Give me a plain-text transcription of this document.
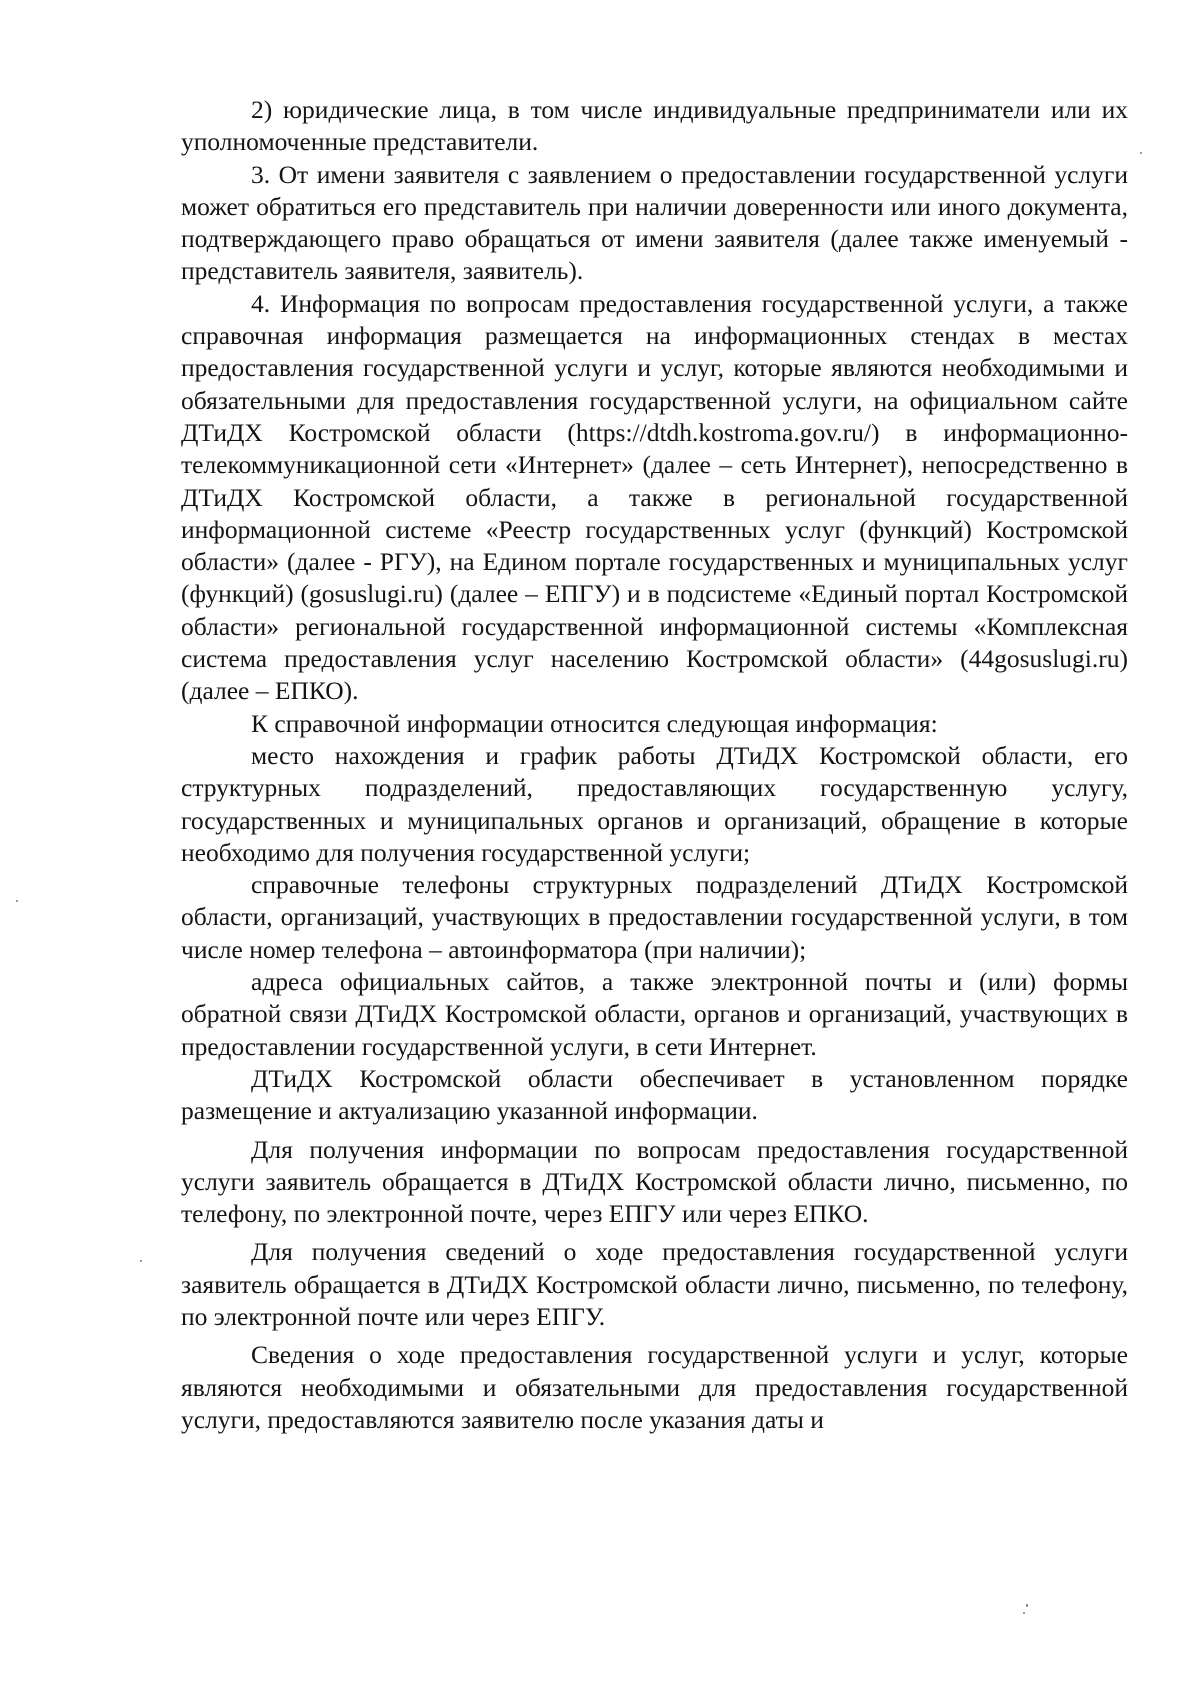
2) юридические лица, в том числе индивидуальные предприниматели или их уполномоченные представители.

3. От имени заявителя с заявлением о предоставлении государственной услуги может обратиться его представитель при наличии доверенности или иного документа, подтверждающего право обращаться от имени заявителя (далее также именуемый - представитель заявителя, заявитель).

4. Информация по вопросам предоставления государственной услуги, а также справочная информация размещается на информационных стендах в местах предоставления государственной услуги и услуг, которые являются необходимыми и обязательными для предоставления государственной услуги, на официальном сайте ДТиДХ Костромской области (https://dtdh.kostroma.gov.ru/) в информационно-телекоммуникационной сети «Интернет» (далее – сеть Интернет), непосредственно в ДТиДХ Костромской области, а также в региональной государственной информационной системе «Реестр государственных услуг (функций) Костромской области» (далее - РГУ), на Едином портале государственных и муниципальных услуг (функций) (gosuslugi.ru) (далее – ЕПГУ) и в подсистеме «Единый портал Костромской области» региональной государственной информационной системы «Комплексная система предоставления услуг населению Костромской области» (44gosuslugi.ru) (далее – ЕПКО).

К справочной информации относится следующая информация:

место нахождения и график работы ДТиДХ Костромской области, его структурных подразделений, предоставляющих государственную услугу, государственных и муниципальных органов и организаций, обращение в которые необходимо для получения государственной услуги;

справочные телефоны структурных подразделений ДТиДХ Костромской области, организаций, участвующих в предоставлении государственной услуги, в том числе номер телефона – автоинформатора (при наличии);

адреса официальных сайтов, а также электронной почты и (или) формы обратной связи ДТиДХ Костромской области, органов и организаций, участвующих в предоставлении государственной услуги, в сети Интернет.

ДТиДХ Костромской области обеспечивает в установленном порядке размещение и актуализацию указанной информации.

Для получения информации по вопросам предоставления государственной услуги заявитель обращается в ДТиДХ Костромской области лично, письменно, по телефону, по электронной почте, через ЕПГУ или через ЕПКО.

Для получения сведений о ходе предоставления государственной услуги заявитель обращается в ДТиДХ Костромской области лично, письменно, по телефону, по электронной почте или через ЕПГУ.

Сведения о ходе предоставления государственной услуги и услуг, которые являются необходимыми и обязательными для предоставления государственной услуги, предоставляются заявителю после указания даты и
